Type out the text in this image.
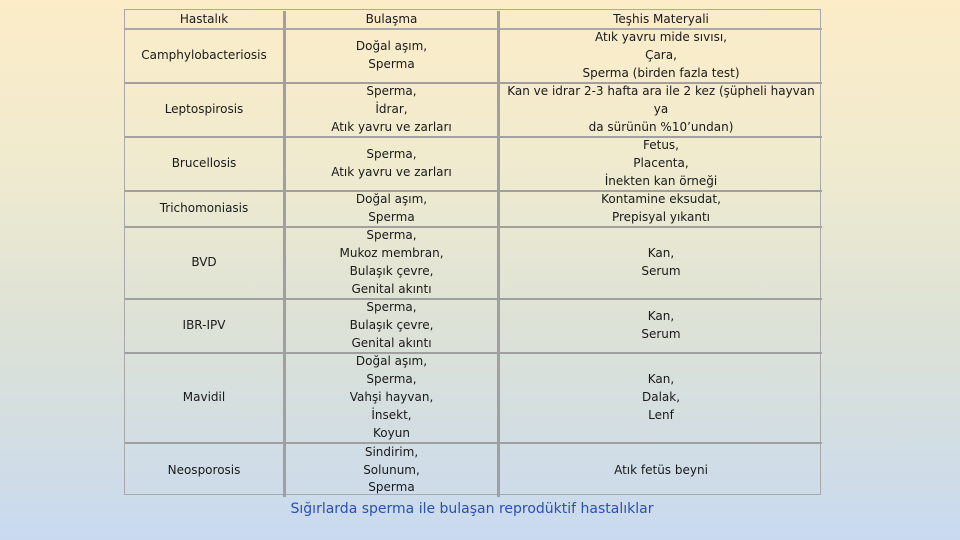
Hastalık	Bulaşma	Teşhis Materyali
Camphylobacteriosis
Doğal aşım,
Sperma
Atık yavru mide sıvısı,
Çara,
Sperma (birden fazla test)
Leptospirosis
Sperma,
İdrar,
Atık yavru ve zarları
Kan ve idrar 2-3 hafta ara ile 2 kez (şüpheli hayvan ya
da sürünün %10’undan)
Brucellosis
Sperma,
Atık yavru ve zarları
Fetus,
Placenta,
İnekten kan örneği
Trichomoniasis
Doğal aşım,
Sperma
Kontamine eksudat,
Prepisyal yıkantı
BVD
Sperma,
Mukoz membran,
Bulaşık çevre,
Genital akıntı
Kan,
Serum
IBR-IPV
Sperma,
Bulaşık çevre,
Genital akıntı
Kan,
Serum
Mavidil
Doğal aşım,
Sperma,
Vahşi hayvan,
İnsekt,
Koyun
Kan,
Dalak,
Lenf
Neosporosis
Sindirim,
Solunum,
Sperma
Atık fetüs beyni
Sığırlarda sperma ile bulaşan reprodüktif hastalıklar
